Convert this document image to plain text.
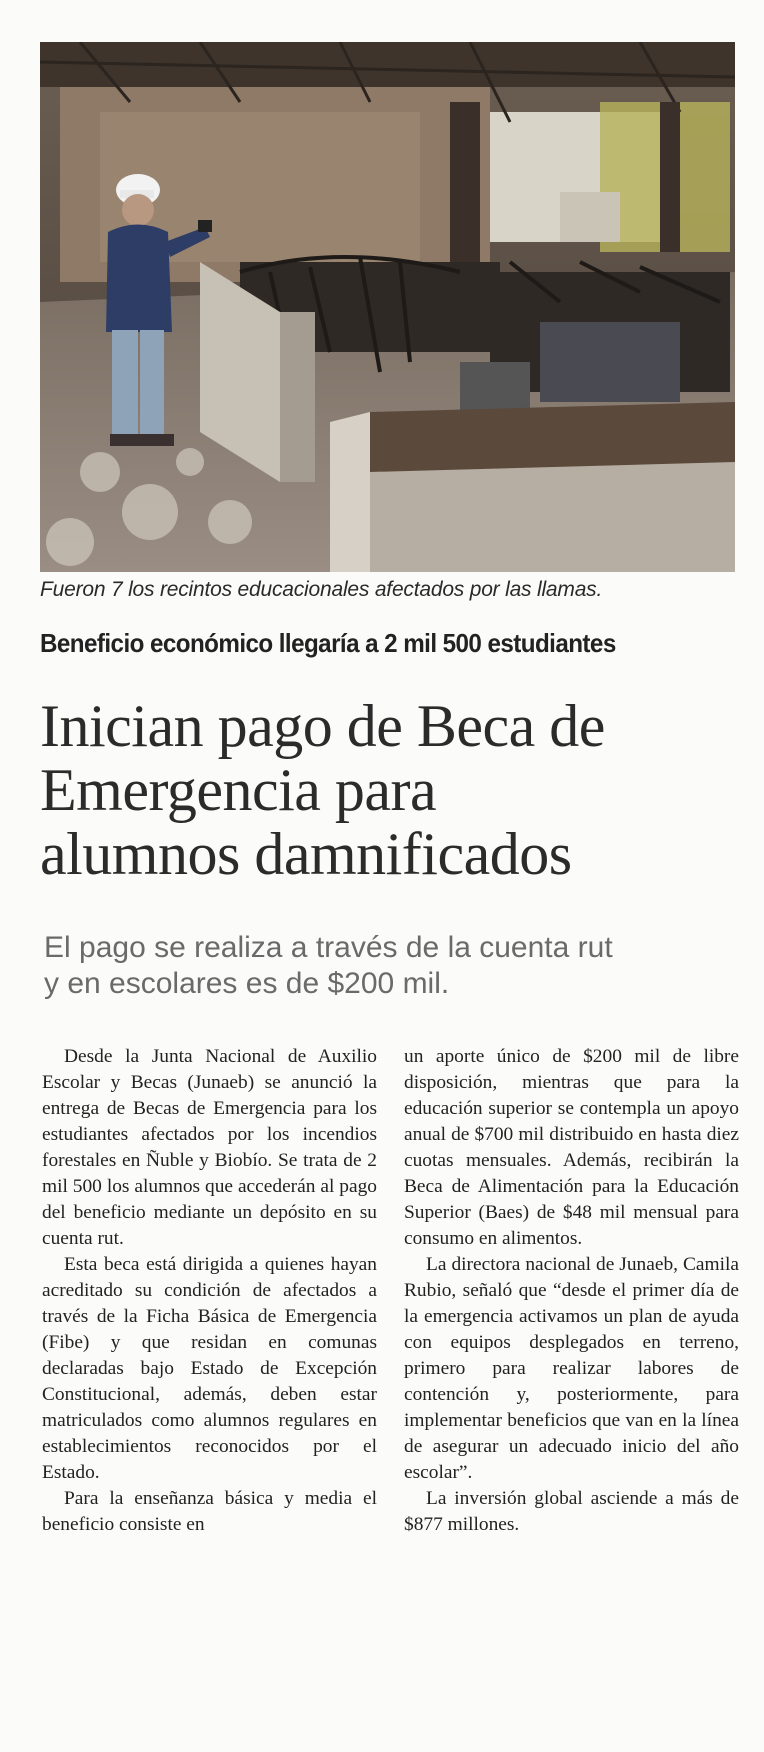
Fueron 7 los recintos educacionales afectados por las llamas.
Beneficio económico llegaría a 2 mil 500 estudiantes
Inician pago de Beca de
Emergencia para
alumnos damnificados
El pago se realiza a través de la cuenta rut
y en escolares es de $200 mil.

Desde la Junta Nacional de Auxilio Escolar y Becas (Junaeb) se anunció la entrega de Becas de Emergencia para los estudiantes afectados por los incendios forestales en Ñuble y Biobío. Se trata de 2 mil 500 los alumnos que accederán al pago del beneficio mediante un depósito en su cuenta rut.

Esta beca está dirigida a quienes hayan acreditado su condición de afectados a través de la Ficha Básica de Emergencia (Fibe) y que residan en comunas declaradas bajo Estado de Excepción Constitucional, además, deben estar matriculados como alumnos regulares en establecimientos reconocidos por el Estado.

Para la enseñanza básica y media el beneficio consiste en

un aporte único de $200 mil de libre disposición, mientras que para la educación superior se contempla un apoyo anual de $700 mil distribuido en hasta diez cuotas mensuales. Además, recibirán la Beca de Alimentación para la Educación Superior (Baes) de $48 mil mensual para consumo en alimentos.

La directora nacional de Junaeb, Camila Rubio, señaló que “desde el primer día de la emergencia activamos un plan de ayuda con equipos desplegados en terreno, primero para realizar labores de contención y, posteriormente, para implementar beneficios que van en la línea de asegurar un adecuado inicio del año escolar”.

La inversión global asciende a más de $877 millones.
